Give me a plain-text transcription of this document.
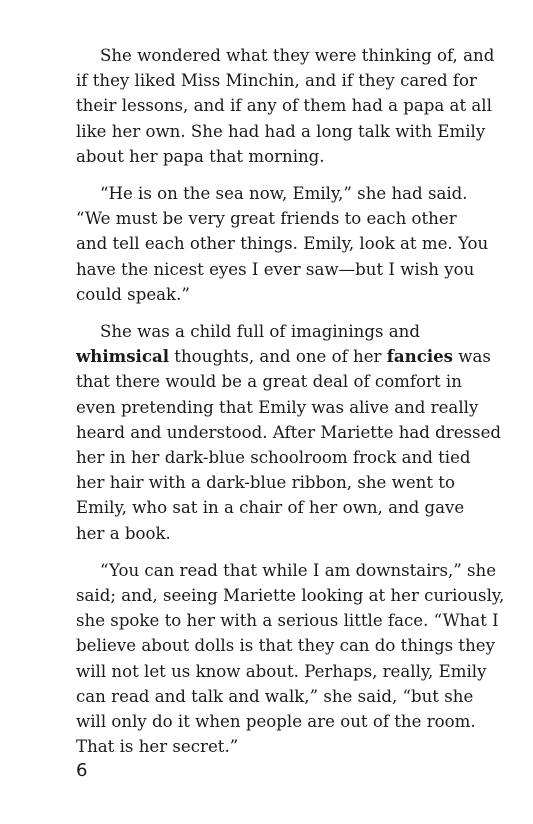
She wondered what they were thinking of, and
if they liked Miss Minchin, and if they cared for
their lessons, and if any of them had a papa at all
like her own. She had had a long talk with Emily
about her papa that morning.
“He is on the sea now, Emily,” she had said.
“We must be very great friends to each other
and tell each other things. Emily, look at me. You
have the nicest eyes I ever saw—but I wish you
could speak.”
She was a child full of imaginings and
whimsical thoughts, and one of her fancies was
that there would be a great deal of comfort in
even pretending that Emily was alive and really
heard and understood. After Mariette had dressed
her in her dark-blue schoolroom frock and tied
her hair with a dark-blue ribbon, she went to
Emily, who sat in a chair of her own, and gave
her a book.
“You can read that while I am downstairs,” she
said; and, seeing Mariette looking at her curiously,
she spoke to her with a serious little face. “What I
believe about dolls is that they can do things they
will not let us know about. Perhaps, really, Emily
can read and talk and walk,” she said, “but she
will only do it when people are out of the room.
That is her secret.”
6
